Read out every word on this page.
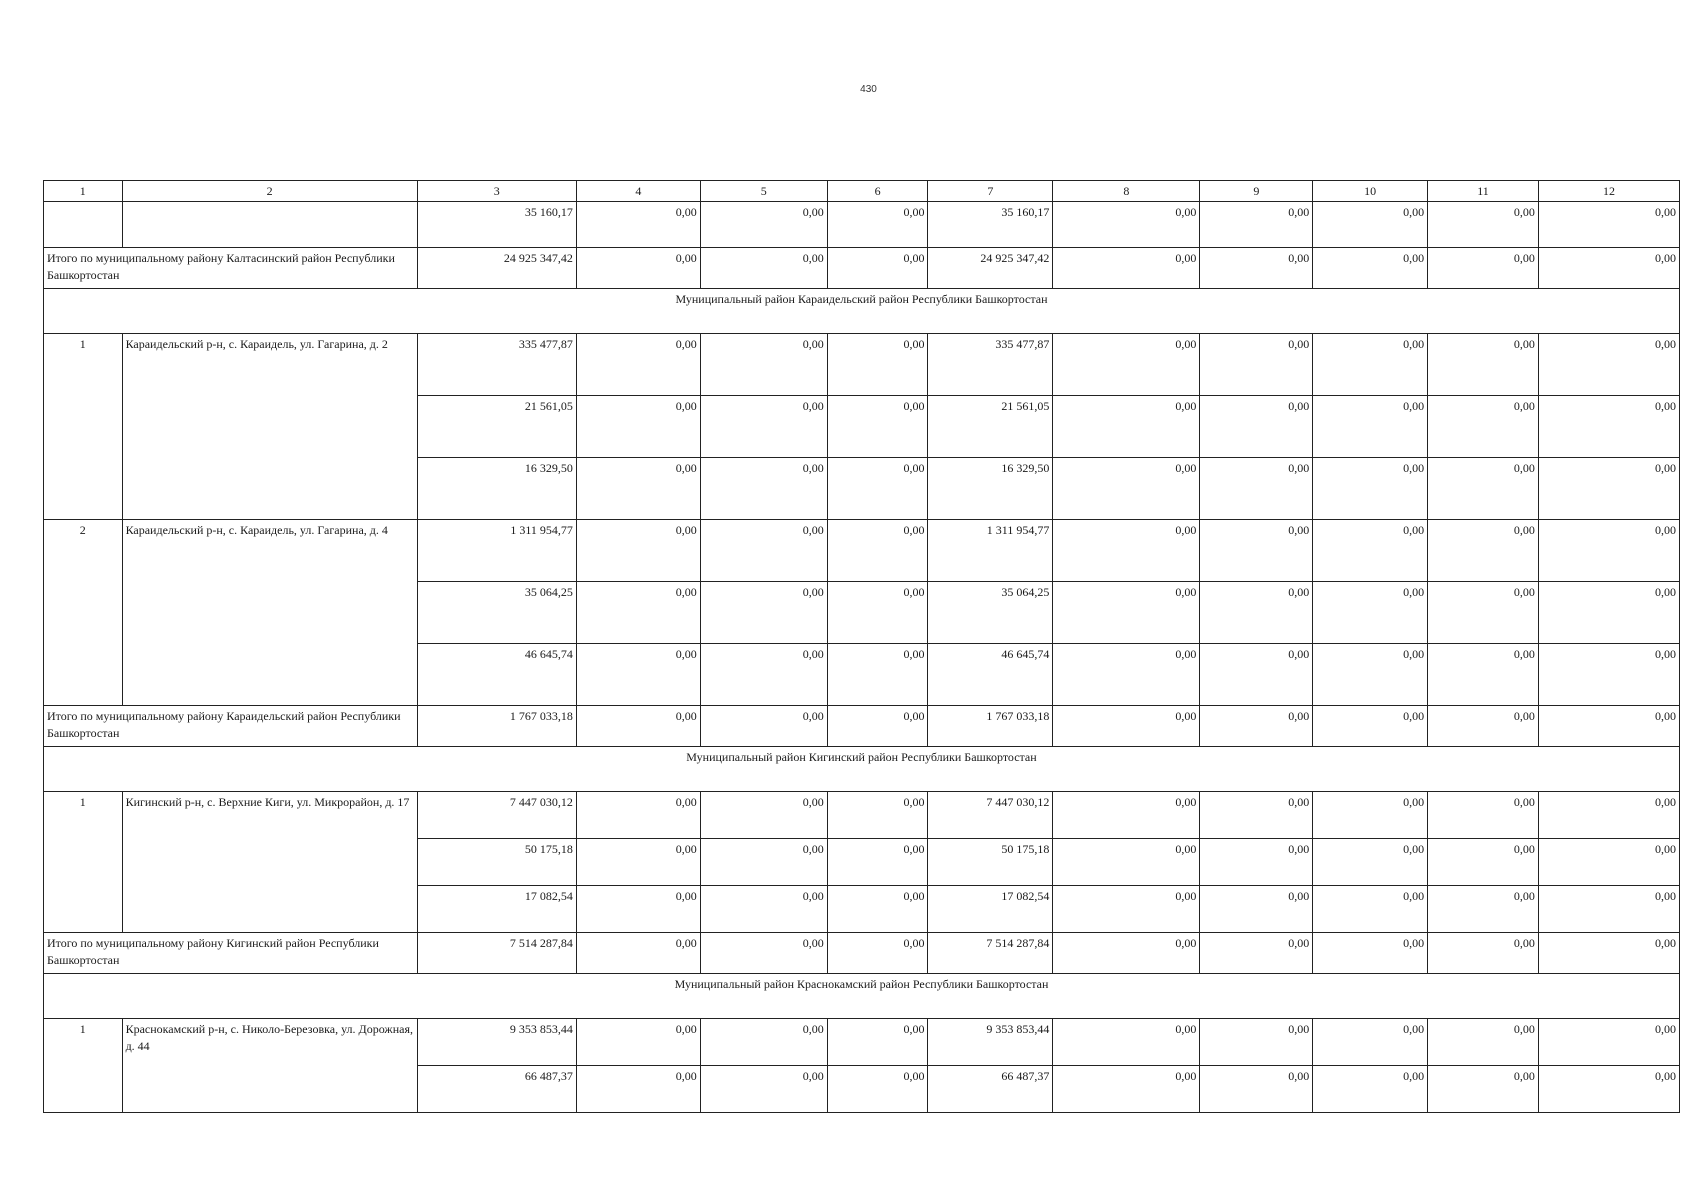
430
1	2	3	4	5	6	7	8	9	10	11	12
		35 160,17	0,00	0,00	0,00	35 160,17	0,00	0,00	0,00	0,00	0,00
Итого по муниципальному району Калтасинский район Республики Башкортостан		24 925 347,42	0,00	0,00	0,00	24 925 347,42	0,00	0,00	0,00	0,00	0,00
Муниципальный район Караидельский район Республики Башкортостан											
1	Караидельский р-н, с. Караидель, ул. Гагарина, д. 2	335 477,87	0,00	0,00	0,00	335 477,87	0,00	0,00	0,00	0,00	0,00
		21 561,05	0,00	0,00	0,00	21 561,05	0,00	0,00	0,00	0,00	0,00
		16 329,50	0,00	0,00	0,00	16 329,50	0,00	0,00	0,00	0,00	0,00
2	Караидельский р-н, с. Караидель, ул. Гагарина, д. 4	1 311 954,77	0,00	0,00	0,00	1 311 954,77	0,00	0,00	0,00	0,00	0,00
		35 064,25	0,00	0,00	0,00	35 064,25	0,00	0,00	0,00	0,00	0,00
		46 645,74	0,00	0,00	0,00	46 645,74	0,00	0,00	0,00	0,00	0,00
Итого по муниципальному району Караидельский район Республики Башкортостан		1 767 033,18	0,00	0,00	0,00	1 767 033,18	0,00	0,00	0,00	0,00	0,00
Муниципальный район Кигинский район Республики Башкортостан											
1	Кигинский р-н, с. Верхние Киги, ул. Микрорайон, д. 17	7 447 030,12	0,00	0,00	0,00	7 447 030,12	0,00	0,00	0,00	0,00	0,00
		50 175,18	0,00	0,00	0,00	50 175,18	0,00	0,00	0,00	0,00	0,00
		17 082,54	0,00	0,00	0,00	17 082,54	0,00	0,00	0,00	0,00	0,00
Итого по муниципальному району Кигинский район Республики Башкортостан		7 514 287,84	0,00	0,00	0,00	7 514 287,84	0,00	0,00	0,00	0,00	0,00
Муниципальный район Краснокамский район Республики Башкортостан											
1	Краснокамский р-н, с. Николо-Березовка, ул. Дорожная, д. 44	9 353 853,44	0,00	0,00	0,00	9 353 853,44	0,00	0,00	0,00	0,00	0,00
		66 487,37	0,00	0,00	0,00	66 487,37	0,00	0,00	0,00	0,00	0,00
